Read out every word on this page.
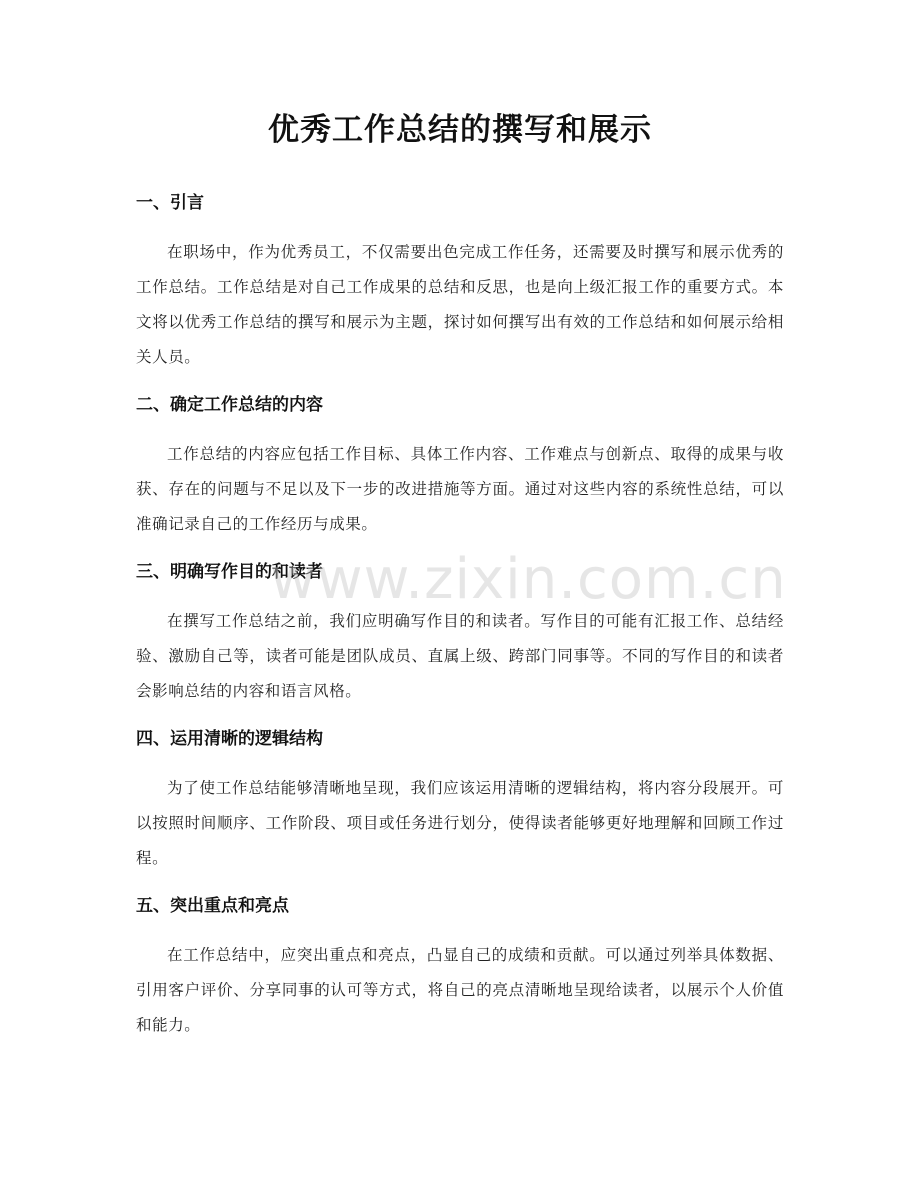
优秀工作总结的撰写和展示
一、引言

在职场中，作为优秀员工，不仅需要出色完成工作任务，还需要及时撰写和展示优秀的工作总结。工作总结是对自己工作成果的总结和反思，也是向上级汇报工作的重要方式。本文将以优秀工作总结的撰写和展示为主题，探讨如何撰写出有效的工作总结和如何展示给相关人员。

二、确定工作总结的内容

工作总结的内容应包括工作目标、具体工作内容、工作难点与创新点、取得的成果与收获、存在的问题与不足以及下一步的改进措施等方面。通过对这些内容的系统性总结，可以准确记录自己的工作经历与成果。

三、明确写作目的和读者

在撰写工作总结之前，我们应明确写作目的和读者。写作目的可能有汇报工作、总结经验、激励自己等，读者可能是团队成员、直属上级、跨部门同事等。不同的写作目的和读者会影响总结的内容和语言风格。

四、运用清晰的逻辑结构

为了使工作总结能够清晰地呈现，我们应该运用清晰的逻辑结构，将内容分段展开。可以按照时间顺序、工作阶段、项目或任务进行划分，使得读者能够更好地理解和回顾工作过程。

五、突出重点和亮点

在工作总结中，应突出重点和亮点，凸显自己的成绩和贡献。可以通过列举具体数据、引用客户评价、分享同事的认可等方式，将自己的亮点清晰地呈现给读者，以展示个人价值和能力。

www.zixin.com.cn
